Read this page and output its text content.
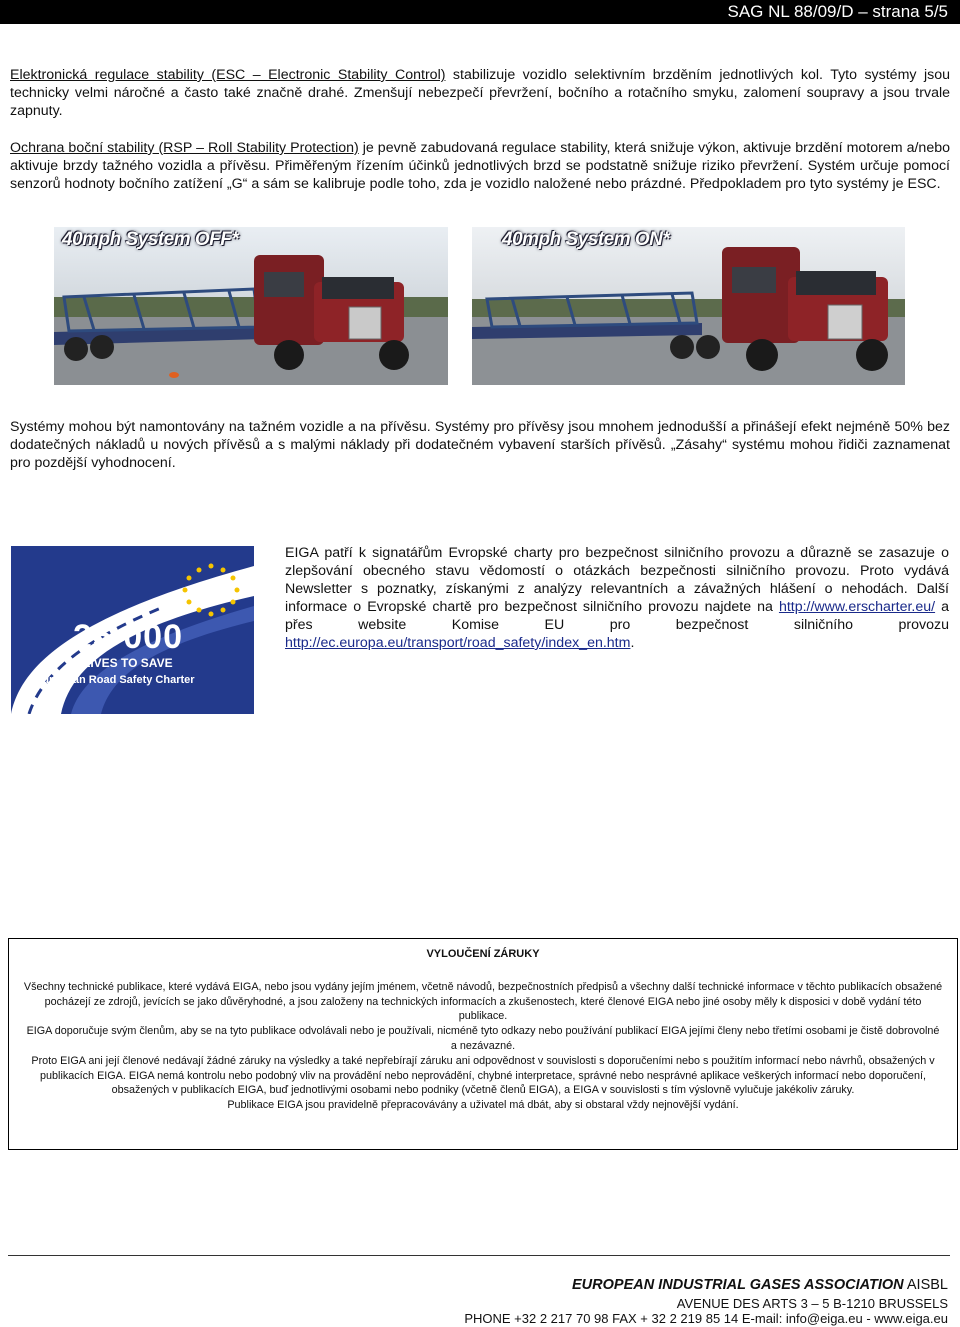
SAG NL 88/09/D – strana 5/5
Elektronická regulace stability (ESC – Electronic Stability Control) stabilizuje vozidlo selektivním brzděním jednotlivých kol. Tyto systémy jsou technicky velmi náročné a často také značně drahé. Zmenšují nebezpečí převržení, bočního a rotačního smyku, zalomení soupravy a jsou trvale zapnuty.
Ochrana boční stability (RSP – Roll Stability Protection) je pevně zabudovaná regulace stability, která snižuje výkon, aktivuje brzdění motorem a/nebo aktivuje brzdy tažného vozidla a přívěsu. Přiměřeným řízením účinků jednotlivých brzd se podstatně snižuje riziko převržení. Systém určuje pomocí senzorů hodnoty bočního zatížení „G“ a sám se kalibruje podle toho, zda je vozidlo naložené nebo prázdné. Předpokladem pro tyto systémy je ESC.
40mph System OFF*	40mph System ON*
Systémy mohou být namontovány na tažném vozidle a na přívěsu. Systémy pro přívěsy jsou mnohem jednodušší a přinášejí efekt nejméně 50% bez dodatečných nákladů u nových přívěsů a s malými náklady při dodatečném vybavení starších přívěsů. „Zásahy“ systému mohou řidiči zaznamenat pro pozdější vyhodnocení.
25 000
LIVES TO SAVE
European Road Safety Charter
EIGA patří k signatářům Evropské charty pro bezpečnost silničního provozu a důrazně se zasazuje o zlepšování obecného stavu vědomostí o otázkách bezpečnosti silničního provozu. Proto vydává Newsletter s poznatky, získanými z analýzy relevantních a závažných hlášení o nehodách. Další informace o Evropské chartě pro bezpečnost silničního provozu najdete na http://www.erscharter.eu/ a přes website Komise EU pro bezpečnost silničního provozu http://ec.europa.eu/transport/road_safety/index_en.htm.
VYLOUČENÍ ZÁRUKY

Všechny technické publikace, které vydává EIGA, nebo jsou vydány jejím jménem, včetně návodů, bezpečnostních předpisů a všechny další technické informace v těchto publikacích obsažené pocházejí ze zdrojů, jevících se jako důvěryhodné, a jsou založeny na technických informacích a zkušenostech, které členové EIGA nebo jiné osoby měly k disposici v době vydání této publikace.

EIGA doporučuje svým členům, aby se na tyto publikace odvolávali nebo je používali, nicméně tyto odkazy nebo používání publikací EIGA jejími členy nebo třetími osobami je čistě dobrovolné a nezávazné.

Proto EIGA ani její členové nedávají žádné záruky na výsledky a také nepřebírají záruku ani odpovědnost v souvislosti s doporučeními nebo s použitím informací nebo návrhů, obsažených v publikacích EIGA. EIGA nemá kontrolu nebo podobný vliv na provádění nebo neprovádění, chybné interpretace, správné nebo nesprávné aplikace veškerých informací nebo doporučení, obsažených v publikacích EIGA, buď jednotlivými osobami nebo podniky (včetně členů EIGA), a EIGA v souvislosti s tím výslovně vylučuje jakékoliv záruky.

Publikace EIGA jsou pravidelně přepracovávány a uživatel má dbát, aby si obstaral vždy nejnovější vydání.

EUROPEAN INDUSTRIAL GASES ASSOCIATION AISBL
AVENUE DES ARTS 3 – 5 B-1210 BRUSSELS
PHONE +32 2 217 70 98 FAX + 32 2 219 85 14 E-mail: info@eiga.eu - www.eiga.eu
